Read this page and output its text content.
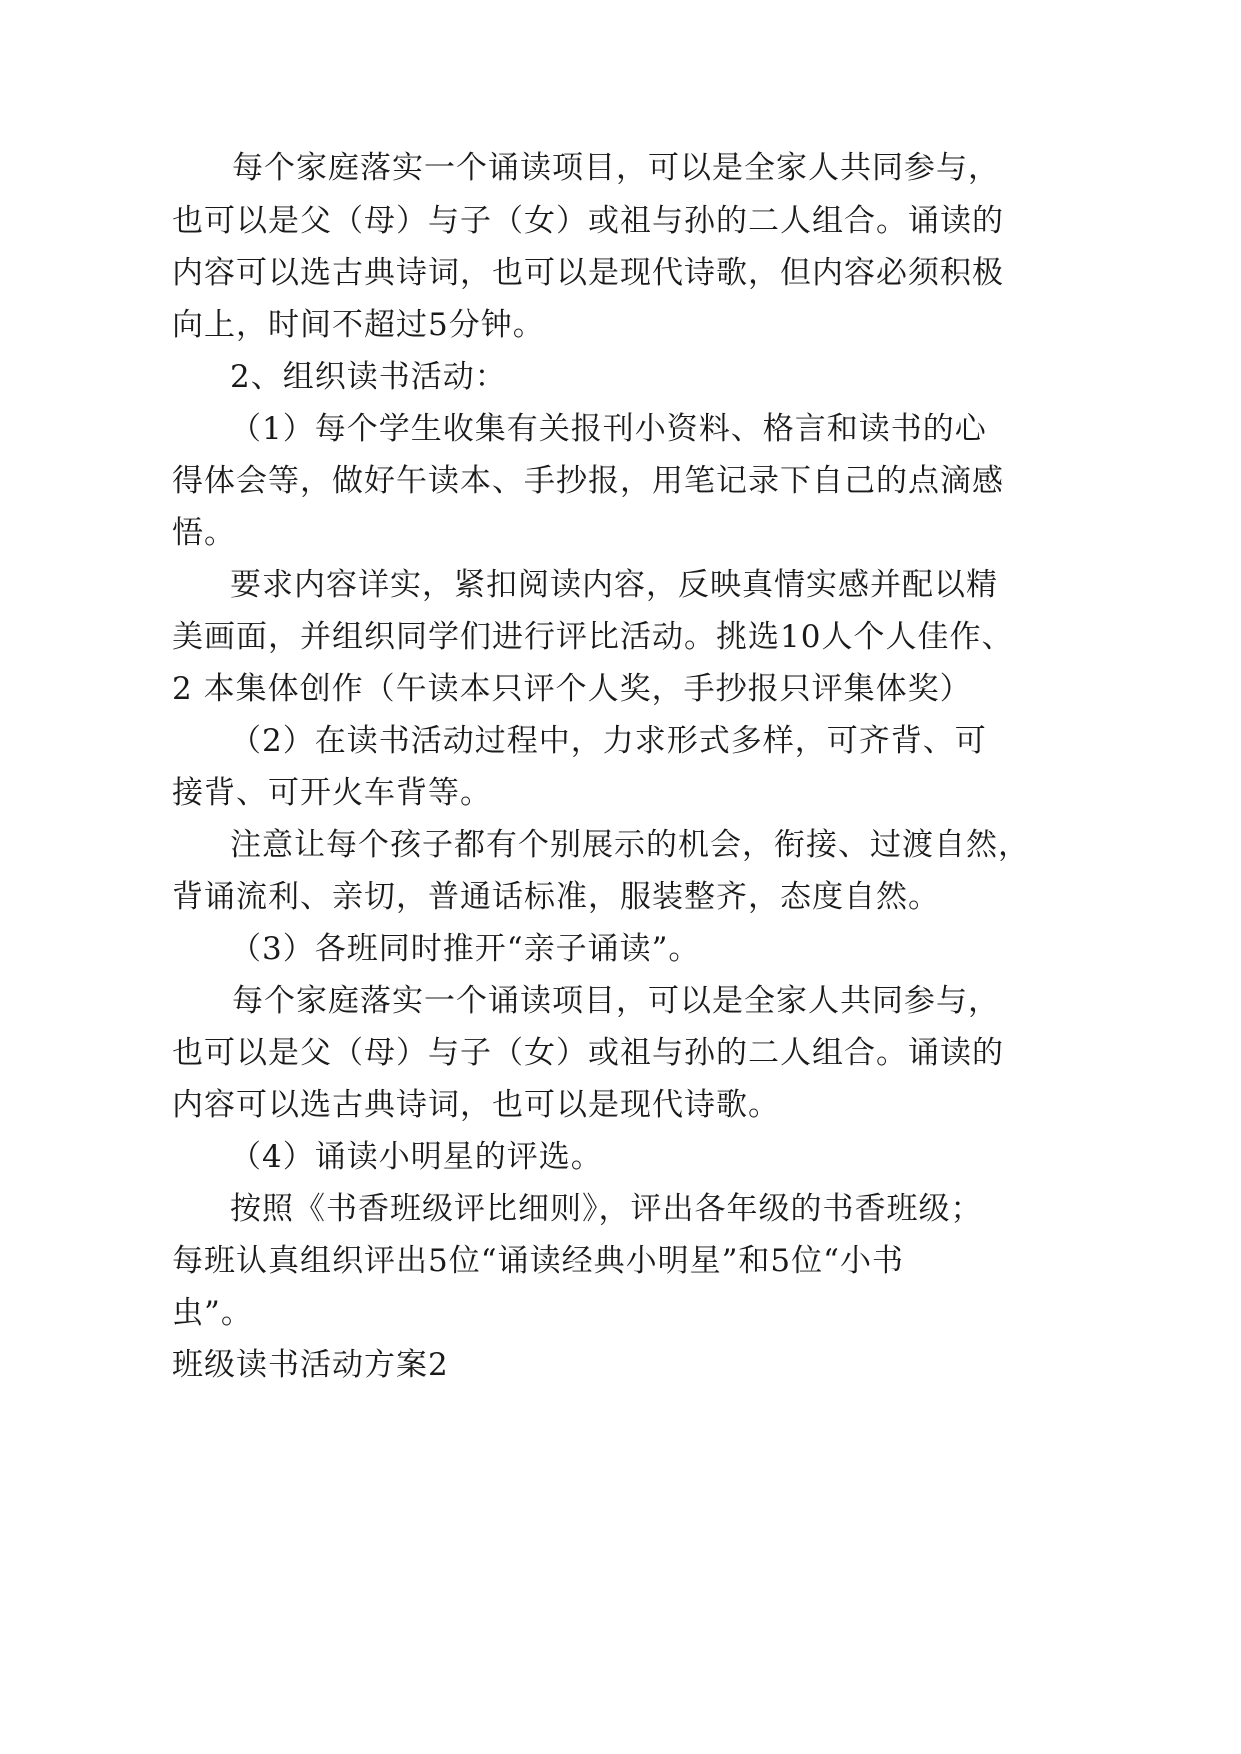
每个家庭落实一个诵读项目，可以是全家人共同参与，
也可以是父（母）与子（女）或祖与孙的二人组合。诵读的
内容可以选古典诗词，也可以是现代诗歌，但内容必须积极
向上，时间不超过5分钟。
2、组织读书活动：
（1）每个学生收集有关报刊小资料、格言和读书的心
得体会等，做好午读本、手抄报，用笔记录下自己的点滴感
悟。
要求内容详实，紧扣阅读内容，反映真情实感并配以精
美画面，并组织同学们进行评比活动。挑选10人个人佳作、
2 本集体创作（午读本只评个人奖，手抄报只评集体奖）
（2）在读书活动过程中，力求形式多样，可齐背、可
接背、可开火车背等。
注意让每个孩子都有个别展示的机会，衔接、过渡自然，
背诵流利、亲切，普通话标准，服装整齐，态度自然。
（3）各班同时推开“亲子诵读”。
每个家庭落实一个诵读项目，可以是全家人共同参与，
也可以是父（母）与子（女）或祖与孙的二人组合。诵读的
内容可以选古典诗词，也可以是现代诗歌。
（4）诵读小明星的评选。
按照《书香班级评比细则》，评出各年级的书香班级；
每班认真组织评出5位“诵读经典小明星”和5位“小书
虫”。
班级读书活动方案2
